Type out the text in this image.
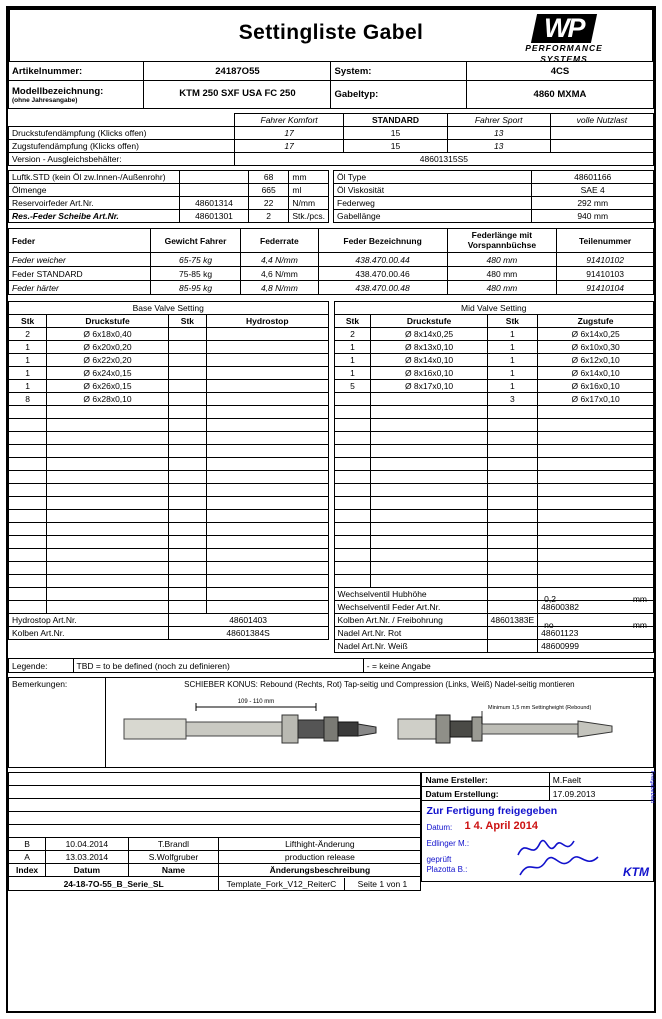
Settingliste Gabel	WP
PERFORMANCE
SYSTEMS
Artikelnummer:	24187O55	System:	4CS

Modellbezeichnung:
(ohne Jahresangabe)	KTM 250 SXF USA FC 250	Gabeltyp:	4860 MXMA
	Fahrer Komfort	STANDARD	Fahrer Sport	volle Nutzlast
Druckstufendämpfung (Klicks offen)	17	15	13	
Zugstufendämpfung (Klicks offen)	17	15	13	
Version - Ausgleichsbehälter:	48601315S5			
Luftk.STD (kein Öl zw.Innen-/Außenrohr)		68	mm
Ölmenge		665	ml
Reservoirfeder Art.Nr.	48601314	22	N/mm
Res.-Feder Scheibe Art.Nr.	48601301	2	Stk./pcs.
Öl Type	48601166
Öl Viskosität	SAE 4
Federweg	292 mm
Gabellänge	940 mm
Feder	Gewicht Fahrer	Federrate	Feder Bezeichnung	Federlänge mit Vorspannbüchse	Teilenummer
Feder weicher	65-75 kg	4,4 N/mm	438.470.00.44	480 mm	91410102
Feder STANDARD	75-85 kg	4,6 N/mm	438.470.00.46	480 mm	91410103
Feder härter	85-95 kg	4,8 N/mm	438.470.00.48	480 mm	91410104
Base Valve Setting			
Stk	Druckstufe	Stk	Hydrostop
2	Ø 6x18x0,40		
1	Ø 6x20x0,20		
1	Ø 6x22x0,20		
1	Ø 6x24x0,15		
1	Ø 6x26x0,15		
8	Ø 6x28x0,10		

Hydrostop Art.Nr.		48601403	
Kolben Art.Nr.		48601384S	
Mid Valve Setting			
Stk	Druckstufe	Stk	Zugstufe
2	Ø 8x14x0,25	1	Ø 6x14x0,25
1	Ø 8x13x0,10	1	Ø 6x10x0,30
1	Ø 8x14x0,10	1	Ø 6x12x0,10
1	Ø 8x16x0,10	1	Ø 6x14x0,10
5	Ø 8x17x0,10	1	Ø 6x16x0,10
		3	Ø 6x17x0,10

Wechselventil Hubhöhe			0,2 mm

Wechselventil Feder Art.Nr.			48600382
Kolben Art.Nr. / Freibohrung		48601383E	no mm

Nadel Art.Nr. Rot			48601123
Nadel Art.Nr. Weiß			48600999
Legende:	TBD = to be defined (noch zu definieren)	- = keine Angabe
Bemerkungen:	SCHIEBER KONUS: Rebound (Rechts, Rot) Tap-seitig und Compression (Links, Weiß) Nadel-seitig montieren
109 - 110 mm
Minimum 1,5 mm Settingheight (Rebound)

B	10.04.2014	T.Brandl	Lifthight-Änderung
A	13.03.2014	S.Wolfgruber	production release
Index	Datum	Name	Änderungsbeschreibung
24-18-7O-55_B_Serie_SL		Template_Fork_V12_ReiterC	Seite 1 von 1
Name Ersteller:	M.Faelt
Datum Erstellung:	17.09.2013

Zur Fertigung freigegeben
Datum: 1 4. April 2014
Edlinger M.:
geprüft
Plazotta B.:	KTM
Freigabeblatt
